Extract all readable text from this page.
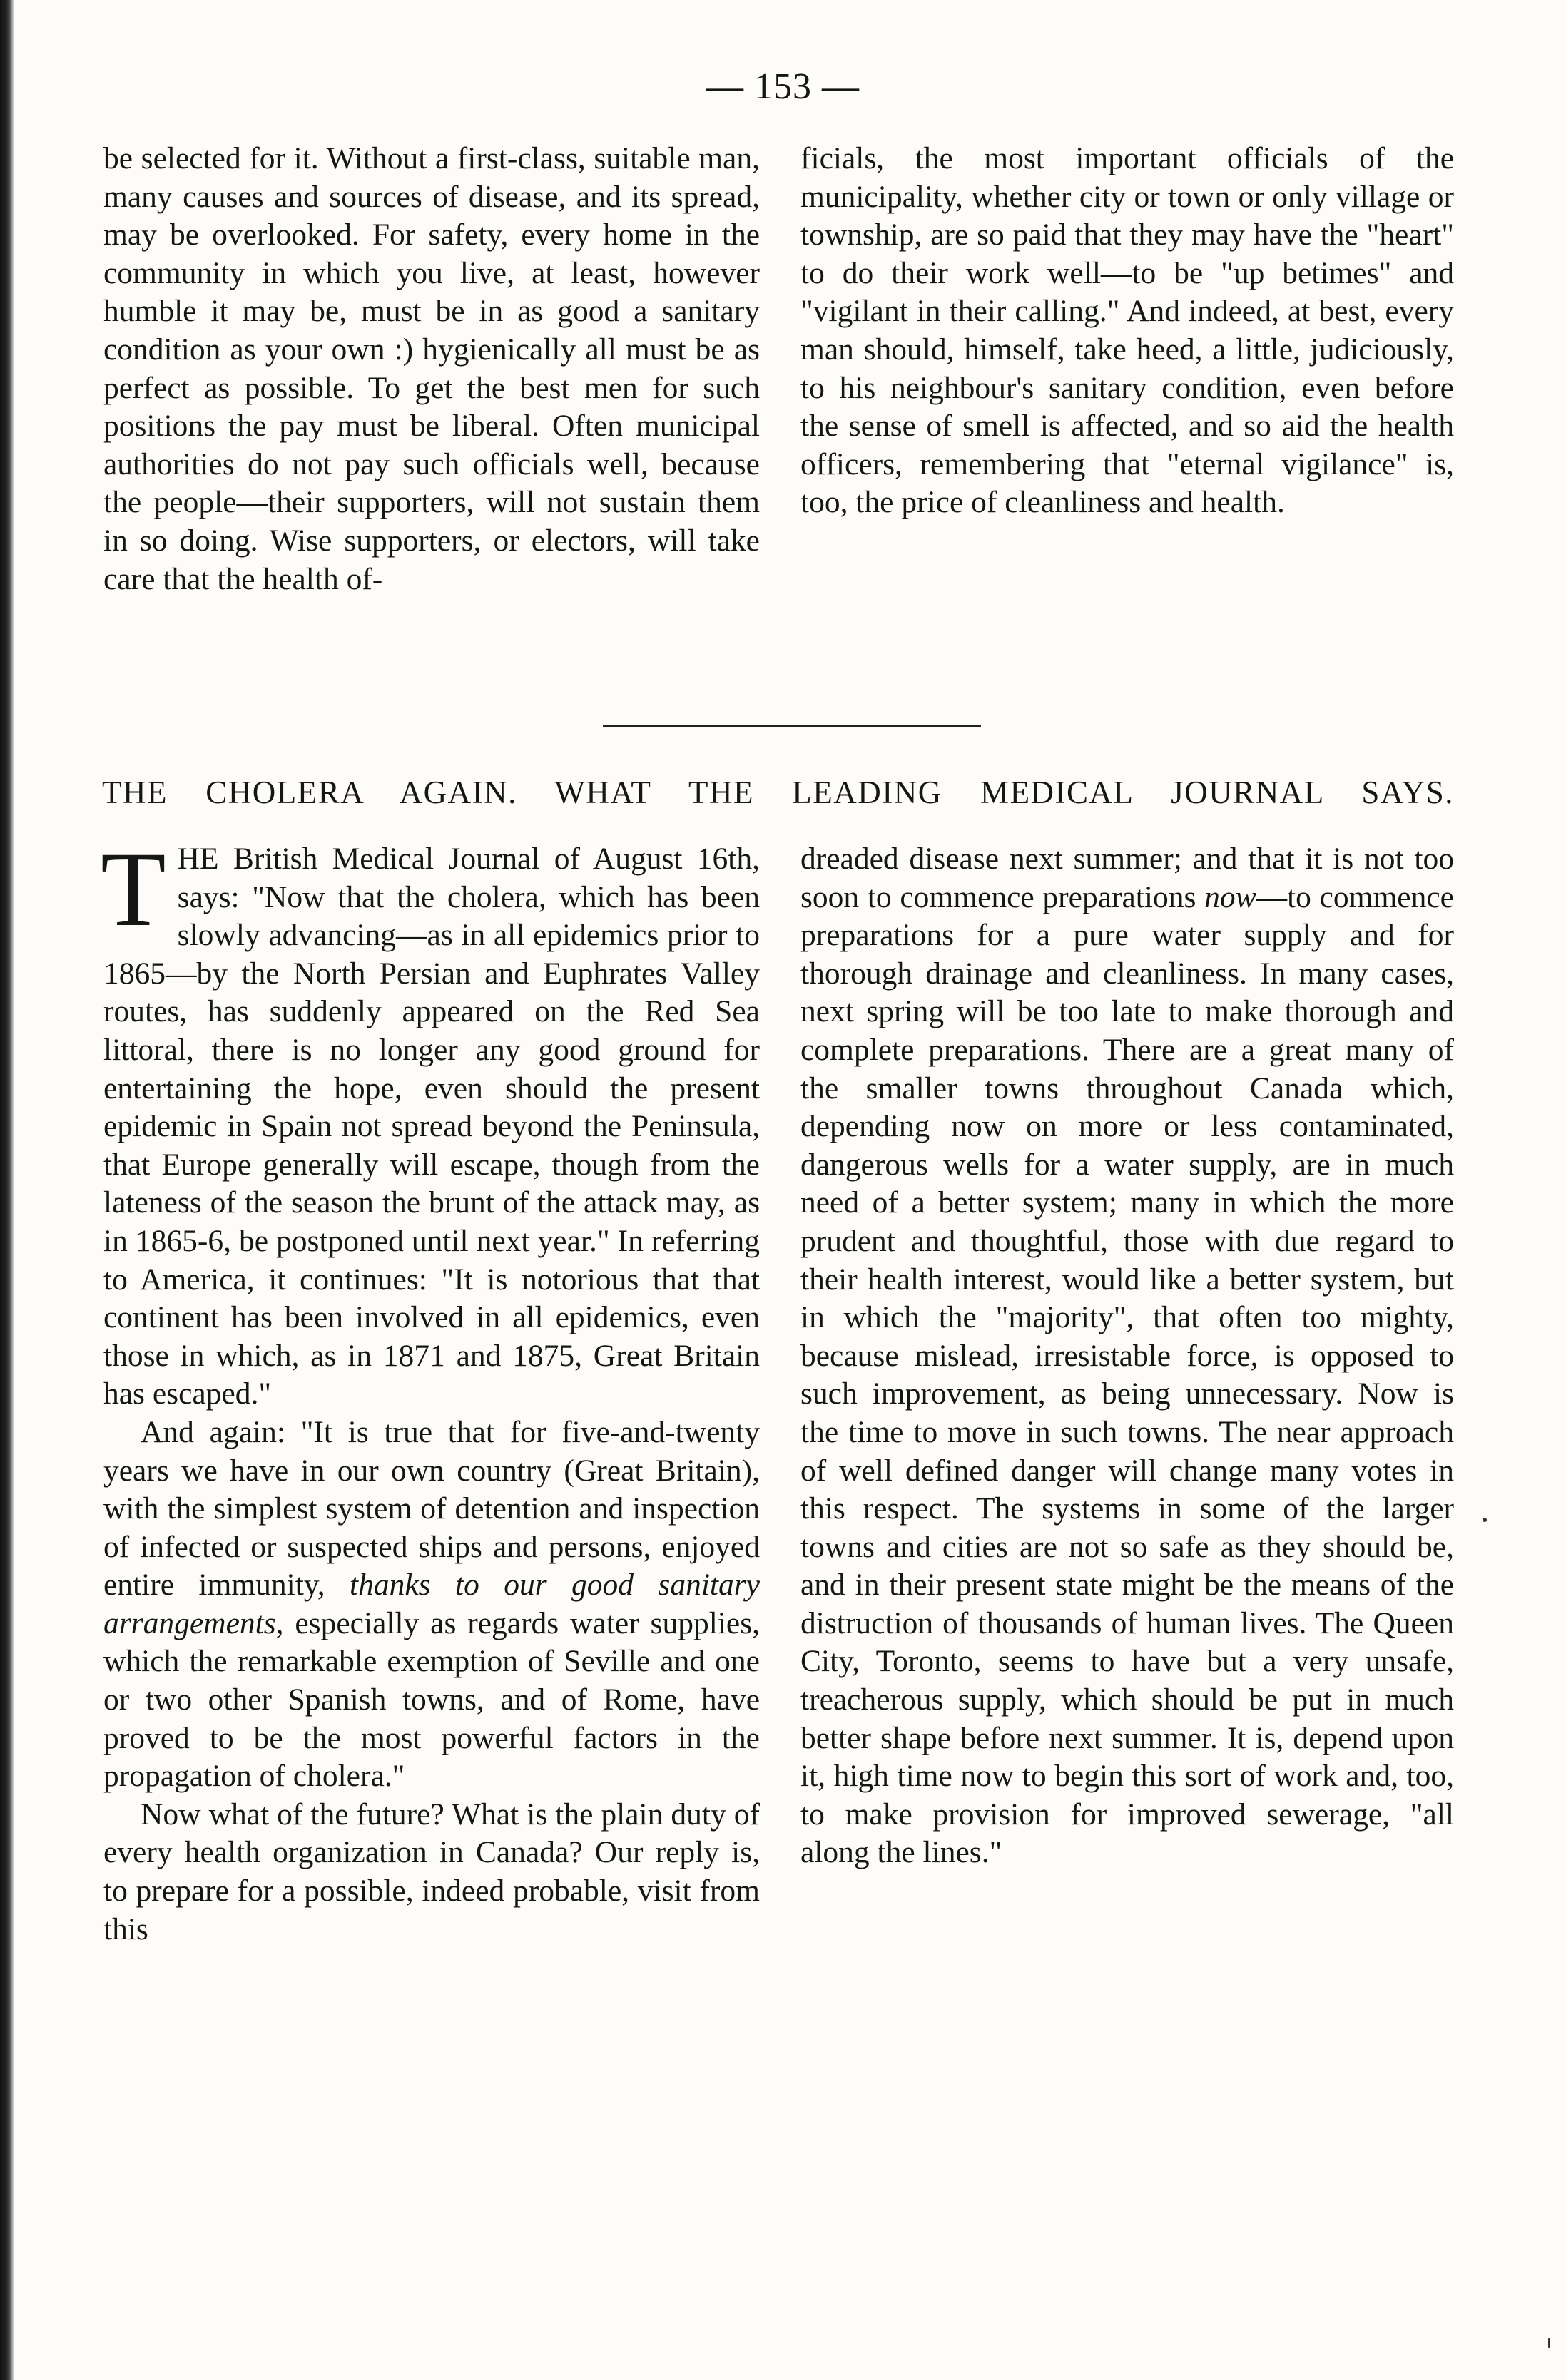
— 153 —

be selected for it. Without a first-class, suitable man, many causes and sources of disease, and its spread, may be overlooked. For safety, every home in the community in which you live, at least, however humble it may be, must be in as good a sanitary condition as your own :) hygienically all must be as perfect as possible. To get the best men for such positions the pay must be liberal. Often municipal authorities do not pay such officials well, because the people—their supporters, will not sustain them in so doing. Wise supporters, or electors, will take care that the health of-

ficials, the most important officials of the municipality, whether city or town or only village or township, are so paid that they may have the "heart" to do their work well—to be "up betimes" and "vigilant in their calling." And indeed, at best, every man should, himself, take heed, a little, judiciously, to his neighbour's sanitary condition, even before the sense of smell is affected, and so aid the health officers, remembering that "eternal vigilance" is, too, the price of cleanliness and health.

THE CHOLERA AGAIN. WHAT THE LEADING MEDICAL JOURNAL SAYS.

THE British Medical Journal of August 16th, says: "Now that the cholera, which has been slowly advancing—as in all epidemics prior to 1865—by the North Persian and Euphrates Valley routes, has suddenly appeared on the Red Sea littoral, there is no longer any good ground for entertaining the hope, even should the present epidemic in Spain not spread beyond the Peninsula, that Europe generally will escape, though from the lateness of the season the brunt of the attack may, as in 1865-6, be postponed until next year." In referring to America, it continues: "It is notorious that that continent has been involved in all epidemics, even those in which, as in 1871 and 1875, Great Britain has escaped."

And again: "It is true that for five-and-twenty years we have in our own country (Great Britain), with the simplest system of detention and inspection of infected or suspected ships and persons, enjoyed entire immunity, thanks to our good sanitary arrangements, especially as regards water supplies, which the remarkable exemption of Seville and one or two other Spanish towns, and of Rome, have proved to be the most powerful factors in the propagation of cholera."

Now what of the future? What is the plain duty of every health organization in Canada? Our reply is, to prepare for a possible, indeed probable, visit from this

dreaded disease next summer; and that it is not too soon to commence preparations now—to commence preparations for a pure water supply and for thorough drainage and cleanliness. In many cases, next spring will be too late to make thorough and complete preparations. There are a great many of the smaller towns throughout Canada which, depending now on more or less contaminated, dangerous wells for a water supply, are in much need of a better system; many in which the more prudent and thoughtful, those with due regard to their health interest, would like a better system, but in which the "majority", that often too mighty, because mislead, irresistable force, is opposed to such improvement, as being unnecessary. Now is the time to move in such towns. The near approach of well defined danger will change many votes in this respect. The systems in some of the larger towns and cities are not so safe as they should be, and in their present state might be the means of the distruction of thousands of human lives. The Queen City, Toronto, seems to have but a very unsafe, treacherous supply, which should be put in much better shape before next summer. It is, depend upon it, high time now to begin this sort of work and, too, to make provision for improved sewerage, "all along the lines."
